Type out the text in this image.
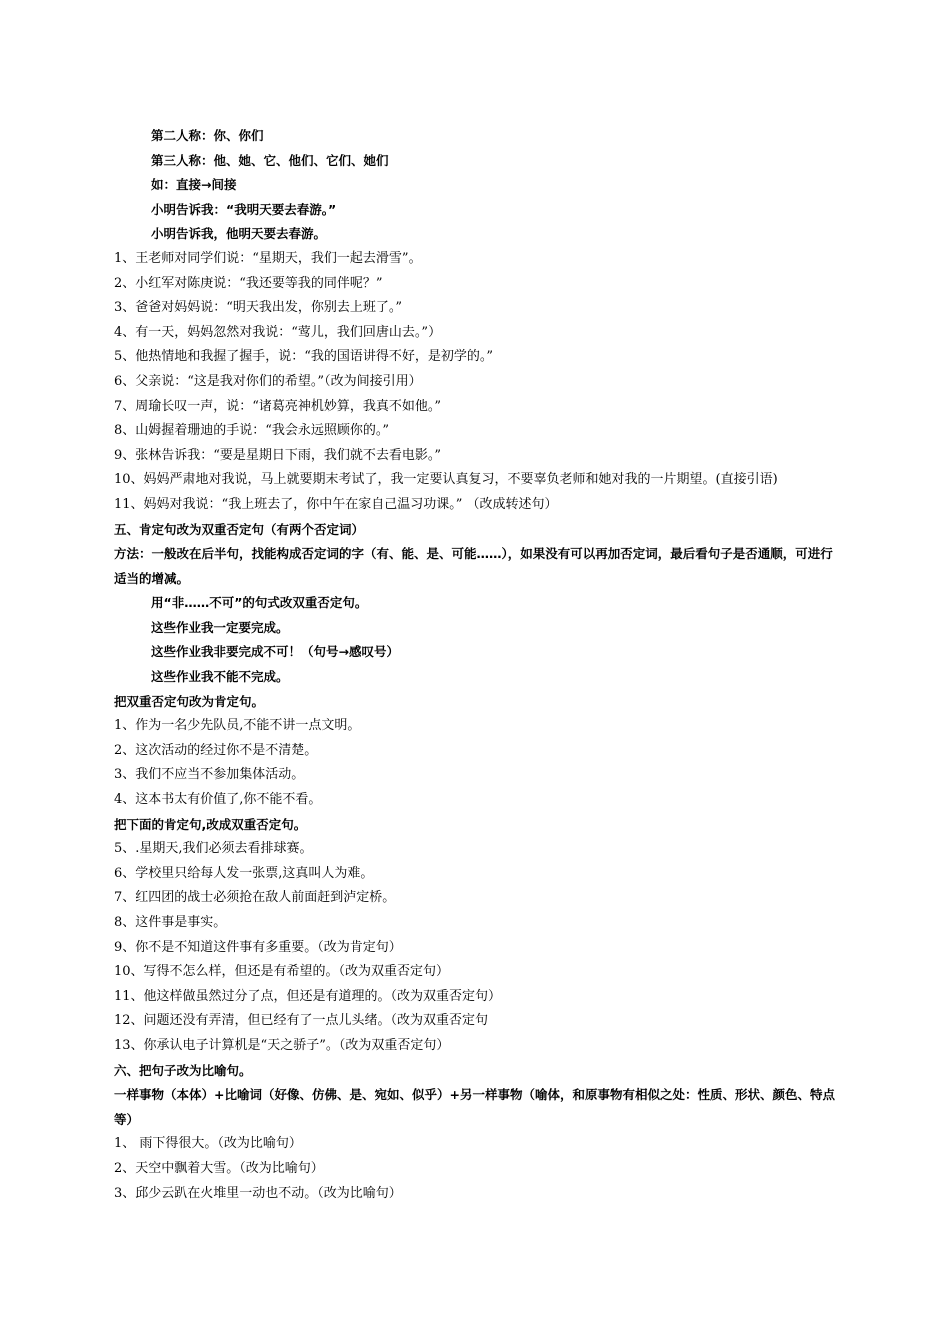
第二人称：你、你们
第三人称：他、她、它、他们、它们、她们
如：直接→间接
小明告诉我：“我明天要去春游。”
小明告诉我，他明天要去春游。
1、王老师对同学们说：“星期天，我们一起去滑雪”。
2、小红军对陈庚说：“我还要等我的同伴呢？”
3、爸爸对妈妈说：“明天我出发，你别去上班了。”
4、有一天，妈妈忽然对我说：“莺儿，我们回唐山去。”）
5、他热情地和我握了握手，说：“我的国语讲得不好，是初学的。”
6、父亲说：“这是我对你们的希望。”（改为间接引用）
7、周瑜长叹一声，说：“诸葛亮神机妙算，我真不如他。”
8、山姆握着珊迪的手说：“我会永远照顾你的。”
9、张林告诉我：“要是星期日下雨，我们就不去看电影。”
10、妈妈严肃地对我说，马上就要期末考试了，我一定要认真复习，不要辜负老师和她对我的一片期望。(直接引语)
11、妈妈对我说：“我上班去了，你中午在家自己温习功课。” （改成转述句）
五、肯定句改为双重否定句（有两个否定词）
方法：一般改在后半句，找能构成否定词的字（有、能、是、可能……），如果没有可以再加否定词，最后看句子是否通顺，可进行适当的增减。
用“非……不可”的句式改双重否定句。
这些作业我一定要完成。
这些作业我非要完成不可！（句号→感叹号）
这些作业我不能不完成。
把双重否定句改为肯定句。
1、作为一名少先队员,不能不讲一点文明。
2、这次活动的经过你不是不清楚。
3、我们不应当不参加集体活动。
4、这本书太有价值了,你不能不看。
把下面的肯定句,改成双重否定句。
5、.星期天,我们必须去看排球赛。
6、学校里只给每人发一张票,这真叫人为难。
7、红四团的战士必须抢在敌人前面赶到泸定桥。
8、这件事是事实。
9、你不是不知道这件事有多重要。（改为肯定句）
10、写得不怎么样，但还是有希望的。（改为双重否定句）
11、他这样做虽然过分了点，但还是有道理的。（改为双重否定句）
12、问题还没有弄清，但已经有了一点儿头绪。（改为双重否定句
13、你承认电子计算机是“天之骄子”。（改为双重否定句）
六、把句子改为比喻句。
一样事物（本体）+比喻词（好像、仿佛、是、宛如、似乎）+另一样事物（喻体，和原事物有相似之处：性质、形状、颜色、特点等）
1、 雨下得很大。（改为比喻句）
2、天空中飘着大雪。（改为比喻句）
3、邱少云趴在火堆里一动也不动。（改为比喻句）
